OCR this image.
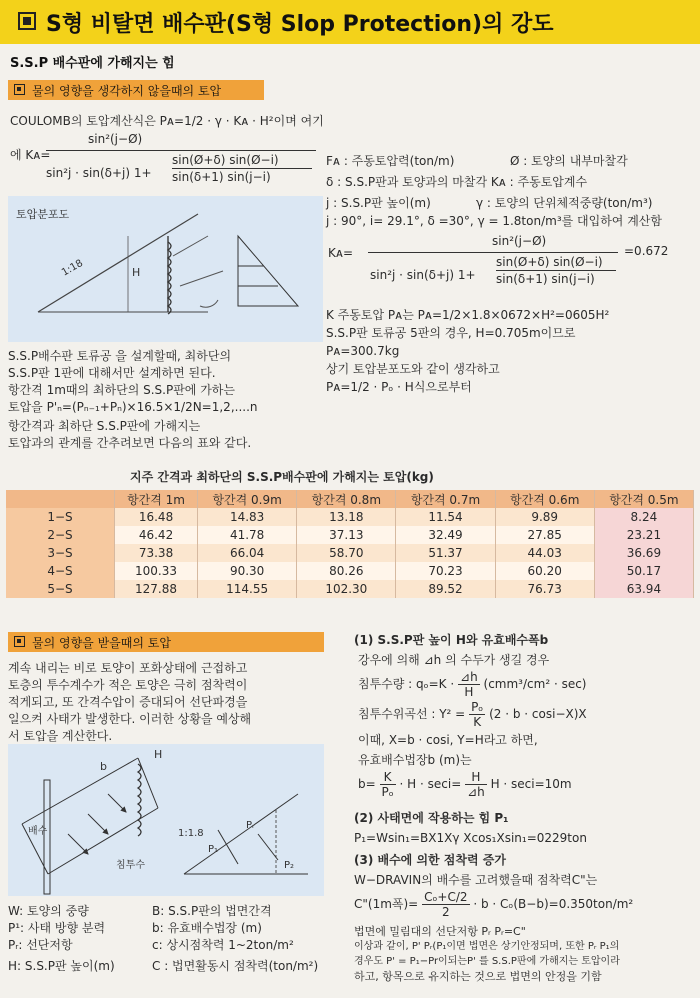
S형 비탈면 배수판(S형 Slop Protection)의 강도
S.S.P 배수판에 가해지는 힘
물의 영향을 생각하지 않을때의 토압
COULOMB의 토압계산식은 Pᴀ=1/2 · γ · Kᴀ · H²이며 여기
에 Kᴀ=
sin²(j−Ø)
sin²j · sin(δ+j) 1+
sin(Ø+δ) sin(Ø−i)
sin(δ+1) sin(j−i)
토압분포도
1:18	H
S.S.P배수판 토류공 을 설계할때, 최하단의
S.S.P판 1판에 대해서만 설계하면 된다.
항간격 1m때의 최하단의 S.S.P판에 가하는
토압을 P'ₙ=(Pₙ₋₁+Pₙ)×16.5×1/2N=1,2,....n
항간격과 최하단 S.S.P판에 가해지는
토압과의 관계를 간추려보면 다음의 표와 같다.
Fᴀ : 주동토압력(ton/m)	Ø : 토양의 내부마찰각
δ : S.S.P판과 토양과의 마찰각 Kᴀ : 주동토압계수
j : S.S.P판 높이(m)	γ : 토양의 단위체적중량(ton/m³)
j : 90°, i= 29.1°, δ =30°, γ = 1.8ton/m³를 대입하여 계산함
Kᴀ=
sin²(j−Ø)
sin²j · sin(δ+j) 1+
sin(Ø+δ) sin(Ø−i)
sin(δ+1) sin(j−i)
=0.672
K 주동토압 Pᴀ는 Pᴀ=1/2×1.8×0672×H²=0605H²
S.S.P판 토류공 5판의 경우, H=0.705m이므로
Pᴀ=300.7kg
상기 토압분포도와 같이 생각하고
Pᴀ=1/2 · Pₒ · H식으로부터
지주 간격과 최하단의 S.S.P배수판에 가해지는 토압(kg)
	항간격 1m	항간격 0.9m	항간격 0.8m	항간격 0.7m	항간격 0.6m	항간격 0.5m
1−S	16.48	14.83	13.18	11.54	9.89	8.24
2−S	46.42	41.78	37.13	32.49	27.85	23.21
3−S	73.38	66.04	58.70	51.37	44.03	36.69
4−S	100.33	90.30	80.26	70.23	60.20	50.17
5−S	127.88	114.55	102.30	89.52	76.73	63.94
물의 영향을 받을때의 토압
계속 내리는 비로 토양이 포화상태에 근접하고
토층의 투수계수가 적은 토양은 극히 점착력이
적게되고, 또 간격수압이 증대되어 선단파경을
일으켜 사태가 발생한다. 이러한 상황을 예상해
서 토압을 계산한다.
b
H
배수
침투수
1:1.8
P₁
P₂
Pᵣ
W: 토양의 중량	B: S.S.P판의 법면간격
P¹: 사태 방향 분력	b: 유효배수법장 (m)
Pᵣ: 선단저항	c: 상시점착력 1~2ton/m²
H: S.S.P판 높이(m)	C : 법면활동시 점착력(ton/m²)
(1) S.S.P판 높이 H와 유효배수폭b
강우에 의해 ⊿h 의 수두가 생길 경우
침투수량 : $q_o=K \cdot \frac{⊿h}{H} (cmm^3/cm^2 \cdot \sec)$
침투수위곡선 : $Y^2 = \frac{\text{Pₒ}}{K} (2 \cdot b \cdot \cos i-X)X$
이때, X=b · cosi, Y=H라고 하면,
유효배수법장b (m)는
$b= \frac{K}{\text{Pₒ}} \cdot H \cdot \sec i= \frac{H}{⊿h}$ H · seci=10m
(2) 사태면에 작용하는 힘 P₁
P₁=Wsin₁=BX1Xγ Xcos₁Xsin₁=0229ton
(3) 배수에 의한 점착력 증가
W−DRAVIN의 배수를 고려했을때 점착력C"는
C"(1m폭)= $\frac{\text{Cₒ+C/2}}{2} \cdot b \cdot C_o(B-b)=0.350ton/m^2$
법면에 밀림대의 선단저항 Pᵣ Pᵣ=C"
이상과 같이, P' Pᵣ(P₁이면 법면은 상기안정되며, 또한 Pᵣ P₁의
경우도 P' = P₁−Pr이되는P' 를 S.S.P판에 가해지는 토압이라
하고, 항목으로 유지하는 것으로 법면의 안정을 기함
